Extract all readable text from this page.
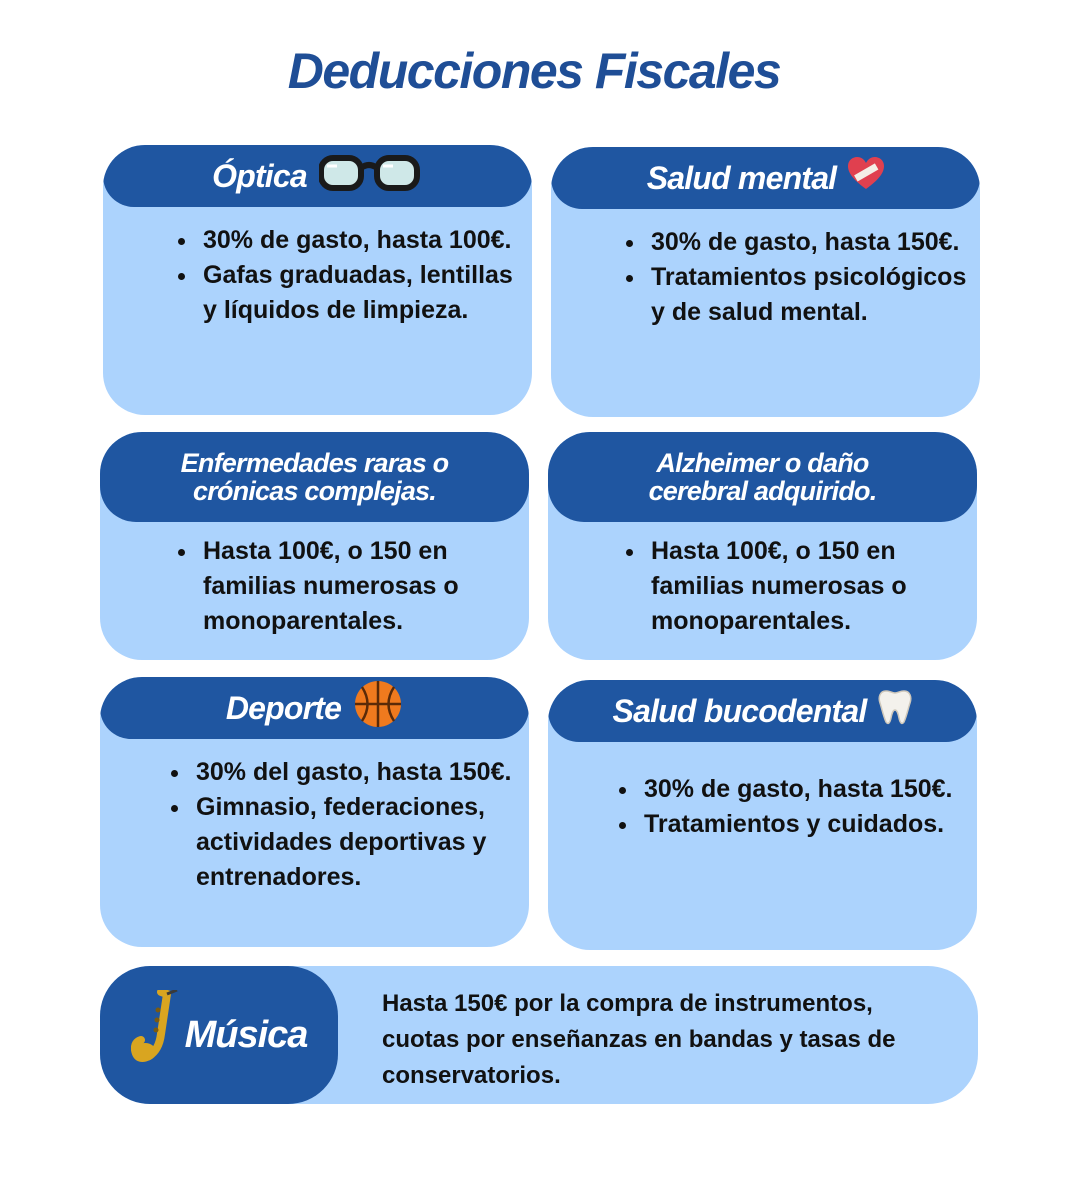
Deducciones Fiscales
Óptica
• 30% de gasto, hasta 100€.
• Gafas graduadas, lentillas y líquidos de limpieza.
Salud mental
• 30% de gasto, hasta 150€.
• Tratamientos psicológicos y de salud mental.
Enfermedades raras o
crónicas complejas.
• Hasta 100€, o 150 en familias numerosas o monoparentales.
Alzheimer o daño
cerebral adquirido.
• Hasta 100€, o 150 en familias numerosas o monoparentales.
Deporte
• 30% del gasto, hasta 150€.
• Gimnasio, federaciones, actividades deportivas y entrenadores.
Salud bucodental
• 30% de gasto, hasta 150€.
• Tratamientos y cuidados.
Música
Hasta 150€ por la compra de instrumentos, cuotas por enseñanzas en bandas y tasas de conservatorios.
